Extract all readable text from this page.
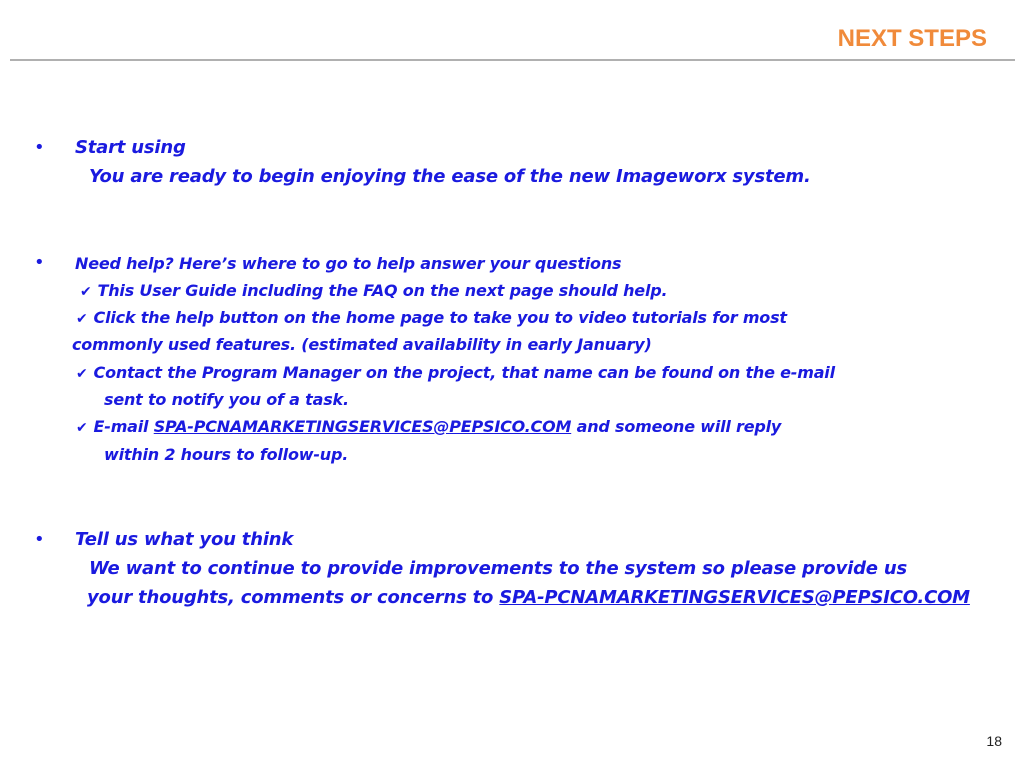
NEXT STEPS
• Start using
You are ready to begin enjoying the ease of the new Imageworx system.
• Need help? Here’s where to go to help answer your questions
✔ This User Guide including the FAQ on the next page should help.
✔ Click the help button on the home page to take you to video tutorials for most
commonly used features. (estimated availability in early January)
✔ Contact the Program Manager on the project, that name can be found on the e-mail
sent to notify you of a task.
✔ E-mail SPA-PCNAMARKETINGSERVICES@PEPSICO.COM and someone will reply
within 2 hours to follow-up.
• Tell us what you think
We want to continue to provide improvements to the system so please provide us
your thoughts, comments or concerns to SPA-PCNAMARKETINGSERVICES@PEPSICO.COM
18
